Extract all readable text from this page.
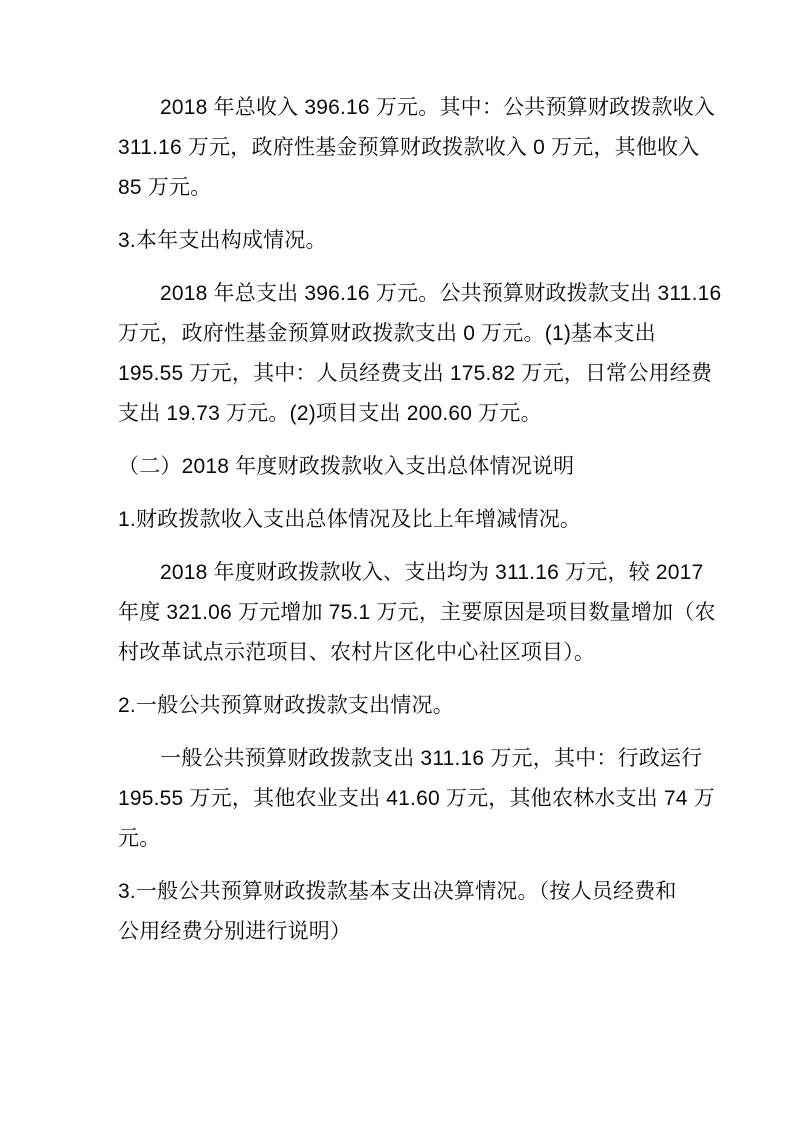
2018 年总收入 396.16 万元。其中：公共预算财政拨款收入
311.16 万元，政府性基金预算财政拨款收入 0 万元，其他收入
85 万元。
3.本年支出构成情况。
2018 年总支出 396.16 万元。公共预算财政拨款支出 311.16
万元，政府性基金预算财政拨款支出 0 万元。(1)基本支出
195.55 万元，其中：人员经费支出 175.82 万元，日常公用经费
支出 19.73 万元。(2)项目支出 200.60 万元。
（二）2018 年度财政拨款收入支出总体情况说明
1.财政拨款收入支出总体情况及比上年增减情况。
2018 年度财政拨款收入、支出均为 311.16 万元，较 2017
年度 321.06 万元增加 75.1 万元，主要原因是项目数量增加（农
村改革试点示范项目、农村片区化中心社区项目）。
2.一般公共预算财政拨款支出情况。
一般公共预算财政拨款支出 311.16 万元，其中：行政运行
195.55 万元，其他农业支出 41.60 万元，其他农林水支出 74 万
元。
3.一般公共预算财政拨款基本支出决算情况。（按人员经费和
公用经费分别进行说明）
